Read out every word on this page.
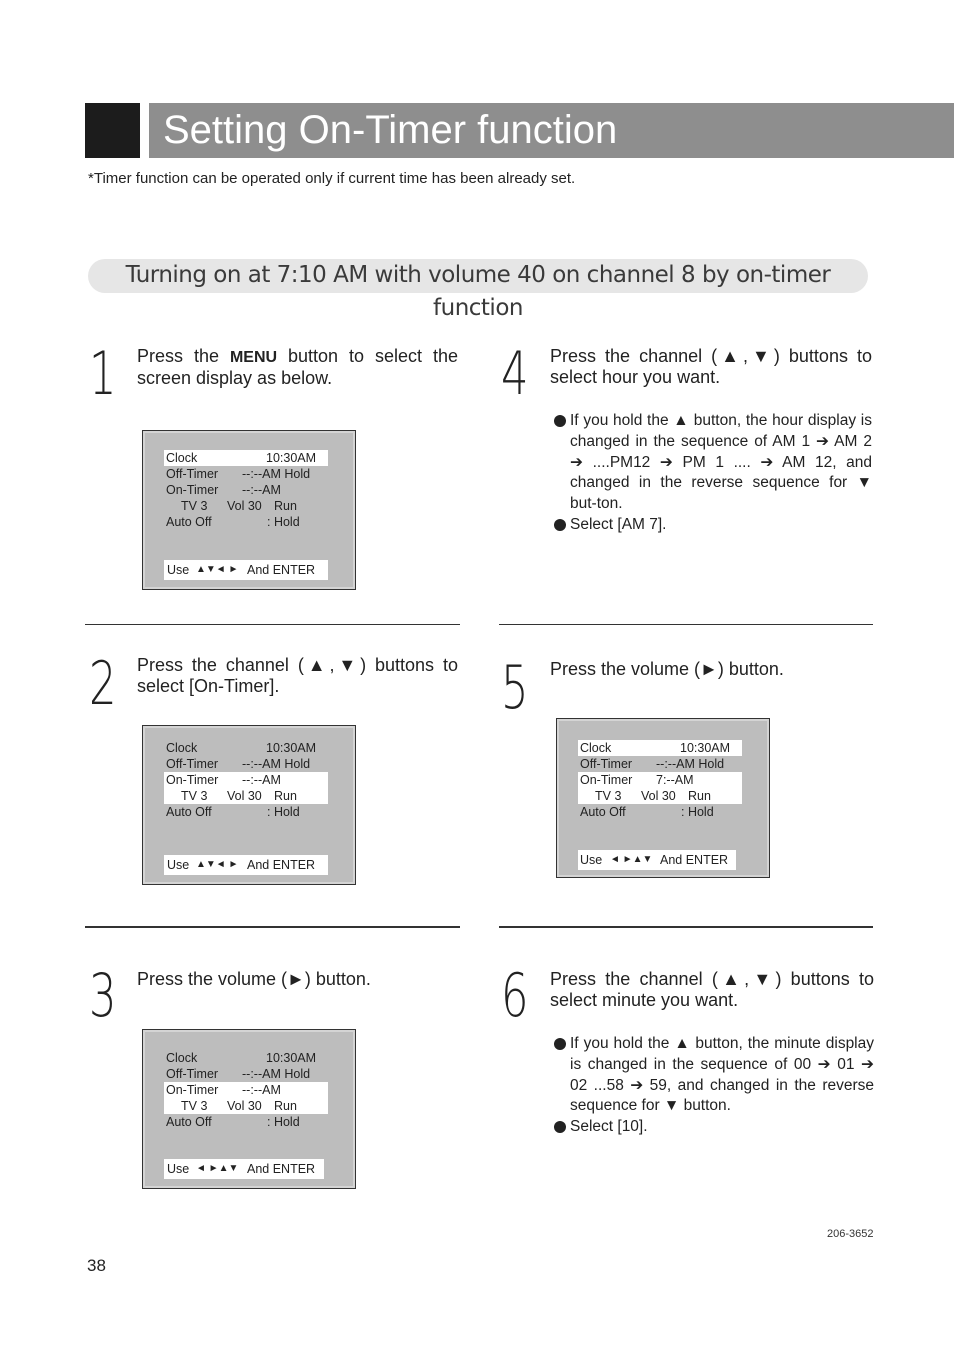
Setting On-Timer function
*Timer function can be operated only if current time has been already set.
Turning on at 7:10 AM with volume 40 on channel 8 by on-timer function
1 Press the MENU button to select the screen display as below.
Clock	10:30AM
Off-Timer --:--AM Hold
On-Timer --:--AM
TV 3 Vol 30 Run
Auto Off	: Hold
Use ▲▼◄ ► And ENTER
2 Press the channel (▲,▼) buttons to select [On-Timer].
Clock	10:30AM
Off-Timer --:--AM Hold
On-Timer --:--AM
TV 3 Vol 30 Run
Auto Off	: Hold
Use ▲▼◄ ► And ENTER
3 Press the volume (►) button.
Clock	10:30AM
Off-Timer --:--AM Hold
On-Timer --:--AM
TV 3 Vol 30 Run
Auto Off	: Hold
Use ◄ ►▲▼ And ENTER
4 Press the channel (▲,▼) buttons to select hour you want.
If you hold the ▲ button, the hour display is changed in the sequence of AM 1 ➔ AM 2 ➔ ....PM12 ➔ PM 1 .... ➔ AM 12, and changed in the reverse sequence for ▼ but-ton.
Select [AM 7].
5 Press the volume (►) button.
Clock	10:30AM
Off-Timer --:--AM Hold
On-Timer 7:--AM
TV 3 Vol 30 Run
Auto Off	: Hold
Use ◄ ►▲▼ And ENTER
6 Press the channel (▲,▼) buttons to select minute you want.
If you hold the ▲ button, the minute display is changed in the sequence of 00 ➔ 01 ➔ 02 ...58 ➔ 59, and changed in the reverse sequence for ▼ button.
Select [10].
206-3652
38
